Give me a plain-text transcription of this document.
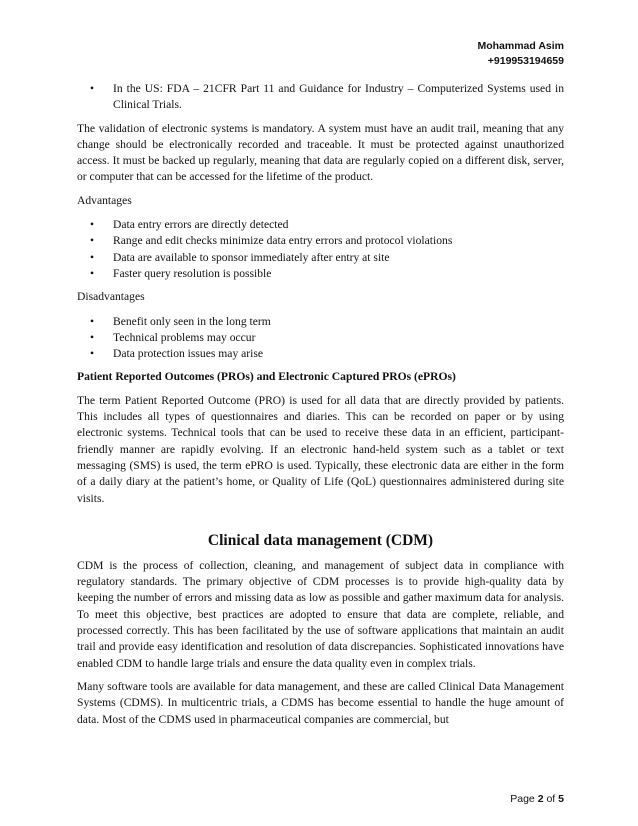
Mohammad Asim
+919953194659
• In the US: FDA – 21CFR Part 11 and Guidance for Industry – Computerized Systems used in Clinical Trials.

The validation of electronic systems is mandatory. A system must have an audit trail, meaning that any change should be electronically recorded and traceable. It must be protected against unauthorized access. It must be backed up regularly, meaning that data are regularly copied on a different disk, server, or computer that can be accessed for the lifetime of the product.

Advantages

• Data entry errors are directly detected
• Range and edit checks minimize data entry errors and protocol violations
• Data are available to sponsor immediately after entry at site
• Faster query resolution is possible

Disadvantages

• Benefit only seen in the long term
• Technical problems may occur
• Data protection issues may arise
Patient Reported Outcomes (PROs) and Electronic Captured PROs (ePROs)

The term Patient Reported Outcome (PRO) is used for all data that are directly provided by patients. This includes all types of questionnaires and diaries. This can be recorded on paper or by using electronic systems. Technical tools that can be used to receive these data in an efficient, participant-friendly manner are rapidly evolving. If an electronic hand-held system such as a tablet or text messaging (SMS) is used, the term ePRO is used. Typically, these electronic data are either in the form of a daily diary at the patient’s home, or Quality of Life (QoL) questionnaires administered during site visits.

Clinical data management (CDM)

CDM is the process of collection, cleaning, and management of subject data in compliance with regulatory standards. The primary objective of CDM processes is to provide high-quality data by keeping the number of errors and missing data as low as possible and gather maximum data for analysis. To meet this objective, best practices are adopted to ensure that data are complete, reliable, and processed correctly. This has been facilitated by the use of software applications that maintain an audit trail and provide easy identification and resolution of data discrepancies. Sophisticated innovations have enabled CDM to handle large trials and ensure the data quality even in complex trials.

Many software tools are available for data management, and these are called Clinical Data Management Systems (CDMS). In multicentric trials, a CDMS has become essential to handle the huge amount of data. Most of the CDMS used in pharmaceutical companies are commercial, but

Page 2 of 5
